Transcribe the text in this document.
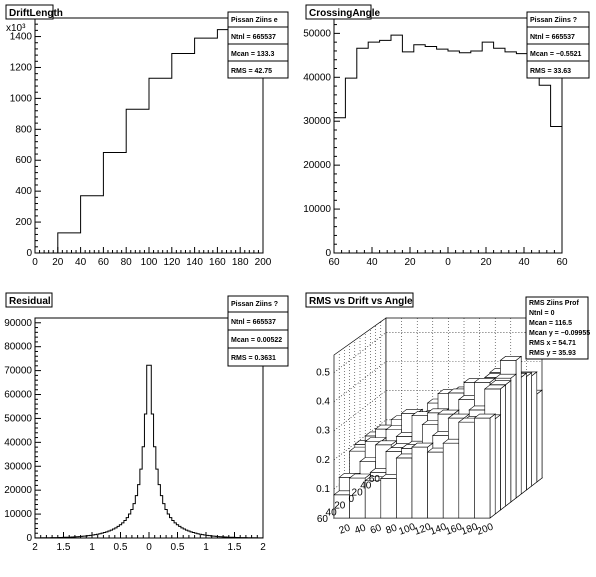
0 20 40 60 80 100 120 140 160 180 200
0
200
400
600
800
1000
1200
1400
x10³
DriftLength
Pissan Ziins e
Ntnl = 665537
Mcan = 133.3
RMS = 42.75
60	40	20	0	20	40	60
0
10000
20000
30000
40000
50000
CrossingAngle
Pissan Ziins ?
Ntnl = 665537
Mcan = −0.5521
RMS = 33.63
2 1.5 1 0.5 0 0.5 1 1.5 2
0
10000
20000
30000
40000
50000
60000
70000
80000
90000
Residual	Pissan Ziins ?
Ntnl = 665537
Mcan = 0.00522
RMS = 0.3631
0.1
0.2
0.3
0.4
0.5
20 40 60 80
100
120
140
160
180
200
60
40
20
0
20
40
60
RMS vs Drift vs Angle	RMS Ziins Prof
Ntnl = 0
Mcan = 116.5
Mcan y = −0.09955
RMS x = 54.71
RMS y = 35.93
